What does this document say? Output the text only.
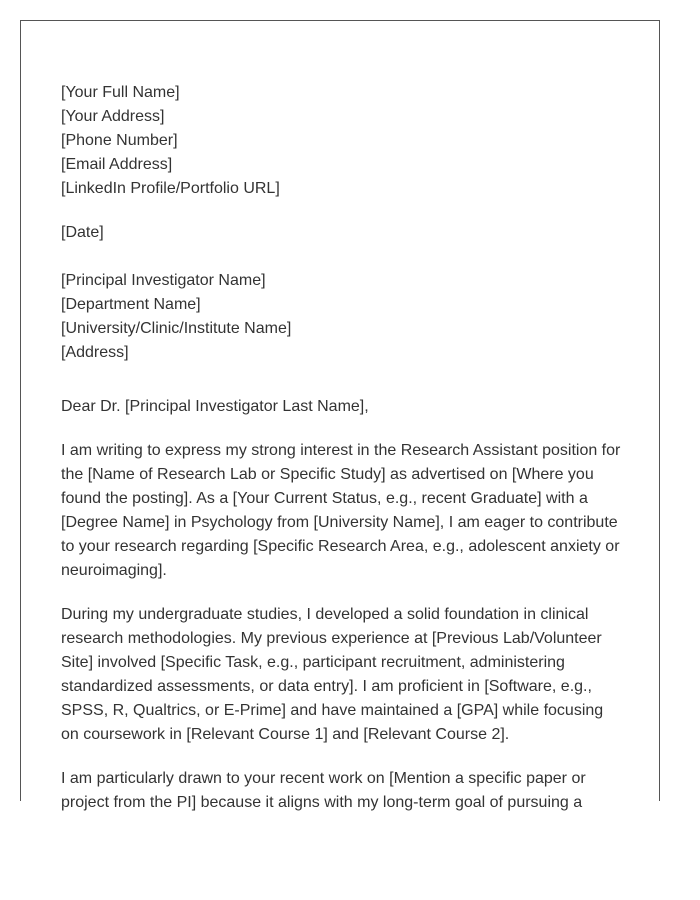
[Your Full Name]
[Your Address]
[Phone Number]
[Email Address]
[LinkedIn Profile/Portfolio URL]
[Date]
[Principal Investigator Name]
[Department Name]
[University/Clinic/Institute Name]
[Address]

Dear Dr. [Principal Investigator Last Name],

I am writing to express my strong interest in the Research Assistant position for the [Name of Research Lab or Specific Study] as advertised on [Where you found the posting]. As a [Your Current Status, e.g., recent Graduate] with a [Degree Name] in Psychology from [University Name], I am eager to contribute to your research regarding [Specific Research Area, e.g., adolescent anxiety or neuroimaging].

During my undergraduate studies, I developed a solid foundation in clinical research methodologies. My previous experience at [Previous Lab/Volunteer Site] involved [Specific Task, e.g., participant recruitment, administering standardized assessments, or data entry]. I am proficient in [Software, e.g., SPSS, R, Qualtrics, or E-Prime] and have maintained a [GPA] while focusing on coursework in [Relevant Course 1] and [Relevant Course 2].

I am particularly drawn to your recent work on [Mention a specific paper or project from the PI] because it aligns with my long-term goal of pursuing a
